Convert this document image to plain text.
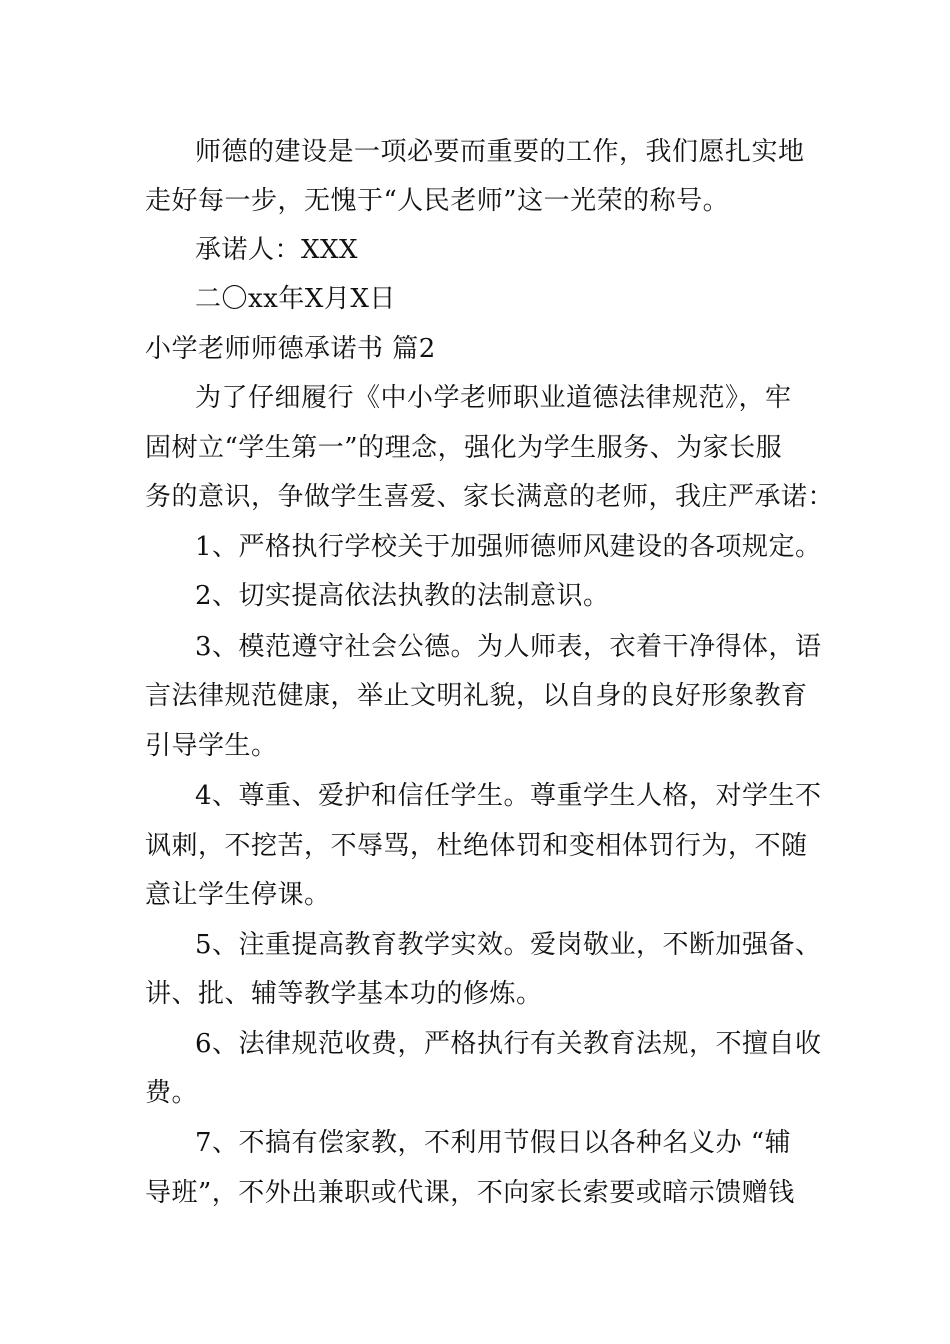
师德的建设是一项必要而重要的工作，我们愿扎实地
走好每一步，无愧于“人民老师”这一光荣的称号。
承诺人：XXX
二〇xx年X月X日
小学老师师德承诺书 篇2
为了仔细履行《中小学老师职业道德法律规范》，牢
固树立“学生第一”的理念，强化为学生服务、为家长服
务的意识，争做学生喜爱、家长满意的老师，我庄严承诺：
1、严格执行学校关于加强师德师风建设的各项规定。
2、切实提高依法执教的法制意识。
3、模范遵守社会公德。为人师表，衣着干净得体，语
言法律规范健康，举止文明礼貌，以自身的良好形象教育
引导学生。
4、尊重、爱护和信任学生。尊重学生人格，对学生不
讽刺，不挖苦，不辱骂，杜绝体罚和变相体罚行为，不随
意让学生停课。
5、注重提高教育教学实效。爱岗敬业，不断加强备、
讲、批、辅等教学基本功的修炼。
6、法律规范收费，严格执行有关教育法规，不擅自收
费。
7、不搞有偿家教，不利用节假日以各种名义办 “辅
导班”，不外出兼职或代课，不向家长索要或暗示馈赠钱
